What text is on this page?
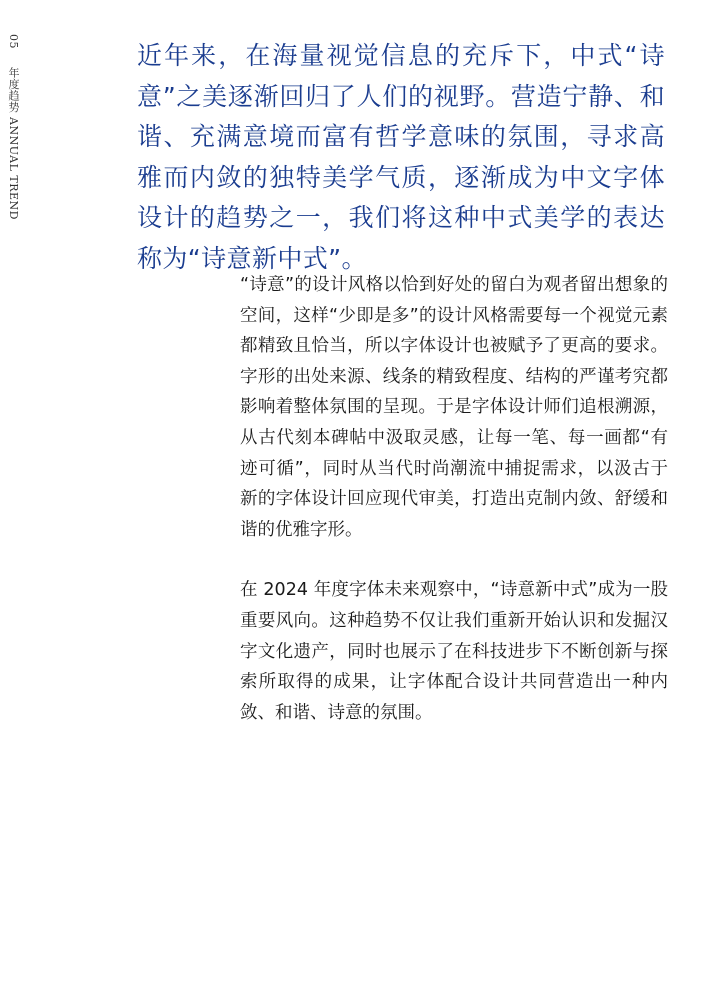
05 年度趋势 ANNUAL TREND

近年来，在海量视觉信息的充斥下，中式“诗意”之美逐渐回归了人们的视野。营造宁静、和谐、充满意境而富有哲学意味的氛围，寻求高雅而内敛的独特美学气质，逐渐成为中文字体设计的趋势之一，我们将这种中式美学的表达称为“诗意新中式”。

“诗意”的设计风格以恰到好处的留白为观者留出想象的空间，这样“少即是多”的设计风格需要每一个视觉元素都精致且恰当，所以字体设计也被赋予了更高的要求。字形的出处来源、线条的精致程度、结构的严谨考究都影响着整体氛围的呈现。于是字体设计师们追根溯源，从古代刻本碑帖中汲取灵感，让每一笔、每一画都“有迹可循”，同时从当代时尚潮流中捕捉需求，以汲古于新的字体设计回应现代审美，打造出克制内敛、舒缓和谐的优雅字形。

在 2024 年度字体未来观察中，“诗意新中式”成为一股重要风向。这种趋势不仅让我们重新开始认识和发掘汉字文化遗产，同时也展示了在科技进步下不断创新与探索所取得的成果，让字体配合设计共同营造出一种内敛、和谐、诗意的氛围。
